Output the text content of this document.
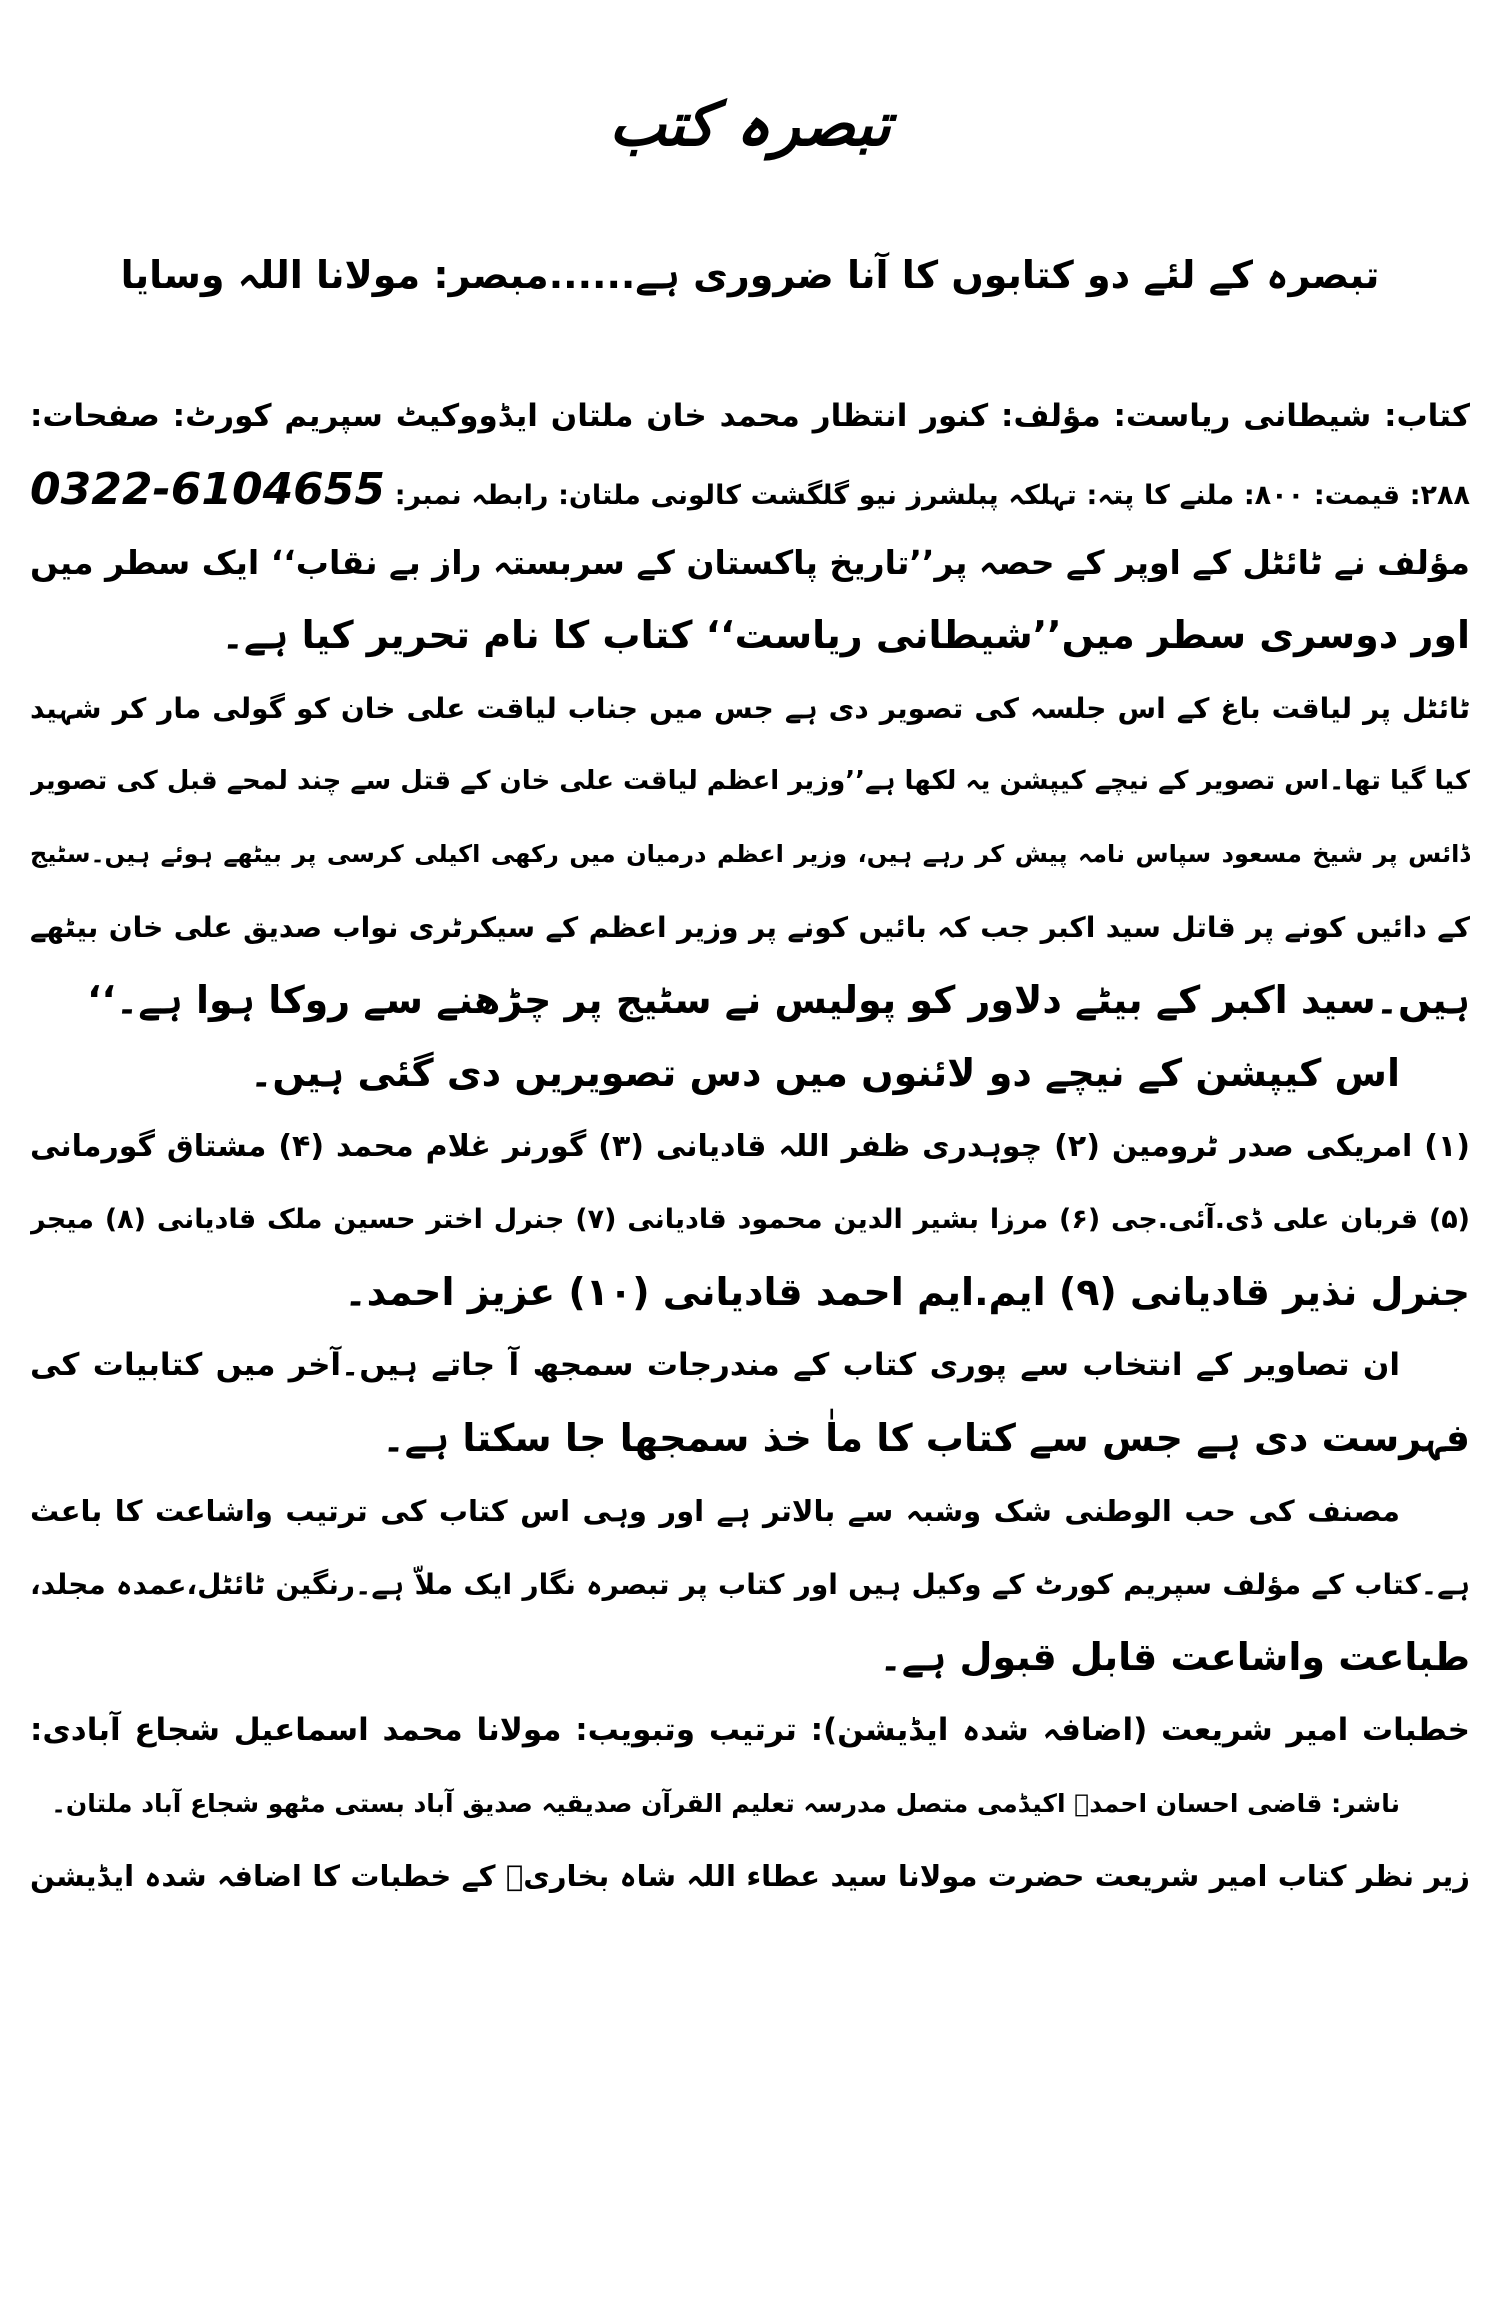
تبصرہ کتب
تبصرہ کے لئے دو کتابوں کا آنا ضروری ہے......مبصر: مولانا اللہ وسایا
کتاب: شیطانی ریاست: مؤلف: کنور انتظار محمد خان ملتان ایڈووکیٹ سپریم کورٹ: صفحات:
۲۸۸: قیمت: ۸۰۰: ملنے کا پتہ: تہلکہ پبلشرز نیو گلگشت کالونی ملتان: رابطہ نمبر: 0322-6104655
مؤلف نے ٹائٹل کے اوپر کے حصہ پر’’تاریخ پاکستان کے سربستہ راز بے نقاب‘‘ ایک سطر میں
اور دوسری سطر میں’’شیطانی ریاست‘‘ کتاب کا نام تحریر کیا ہے۔
ٹائٹل پر لیاقت باغ کے اس جلسہ کی تصویر دی ہے جس میں جناب لیاقت علی خان کو گولی مار کر شہید
کیا گیا تھا۔اس تصویر کے نیچے کیپشن یہ لکھا ہے’’وزیر اعظم لیاقت علی خان کے قتل سے چند لمحے قبل کی تصویر
ڈائس پر شیخ مسعود سپاس نامہ پیش کر رہے ہیں، وزیر اعظم درمیان میں رکھی اکیلی کرسی پر بیٹھے ہوئے ہیں۔سٹیج
کے دائیں کونے پر قاتل سید اکبر جب کہ بائیں کونے پر وزیر اعظم کے سیکرٹری نواب صدیق علی خان بیٹھے
ہیں۔سید اکبر کے بیٹے دلاور کو پولیس نے سٹیج پر چڑھنے سے روکا ہوا ہے۔‘‘
اس کیپشن کے نیچے دو لائنوں میں دس تصویریں دی گئی ہیں۔
(۱) امریکی صدر ٹرومین (۲) چوہدری ظفر اللہ قادیانی (۳) گورنر غلام محمد (۴) مشتاق گورمانی
(۵) قربان علی ڈی.آئی.جی (۶) مرزا بشیر الدین محمود قادیانی (۷) جنرل اختر حسین ملک قادیانی (۸) میجر
جنرل نذیر قادیانی (۹) ایم.ایم احمد قادیانی (۱۰) عزیز احمد۔
ان تصاویر کے انتخاب سے پوری کتاب کے مندرجات سمجھ آ جاتے ہیں۔آخر میں کتابیات کی
فہرست دی ہے جس سے کتاب کا ماٰ خذ سمجھا جا سکتا ہے۔
مصنف کی حب الوطنی شک وشبہ سے بالاتر ہے اور وہی اس کتاب کی ترتیب واشاعت کا باعث
ہے۔کتاب کے مؤلف سپریم کورٹ کے وکیل ہیں اور کتاب پر تبصرہ نگار ایک ملاّ ہے۔رنگین ٹائٹل،عمدہ مجلد،
طباعت واشاعت قابل قبول ہے۔
خطبات امیر شریعت (اضافہ شدہ ایڈیشن): ترتیب وتبویب: مولانا محمد اسماعیل شجاع آبادی:
ناشر: قاضی احسان احمدؒ اکیڈمی متصل مدرسہ تعلیم القرآن صدیقیہ صدیق آباد بستی مٹھو شجاع آباد ملتان۔
زیر نظر کتاب امیر شریعت حضرت مولانا سید عطاء اللہ شاہ بخاریؒ کے خطبات کا اضافہ شدہ ایڈیشن
